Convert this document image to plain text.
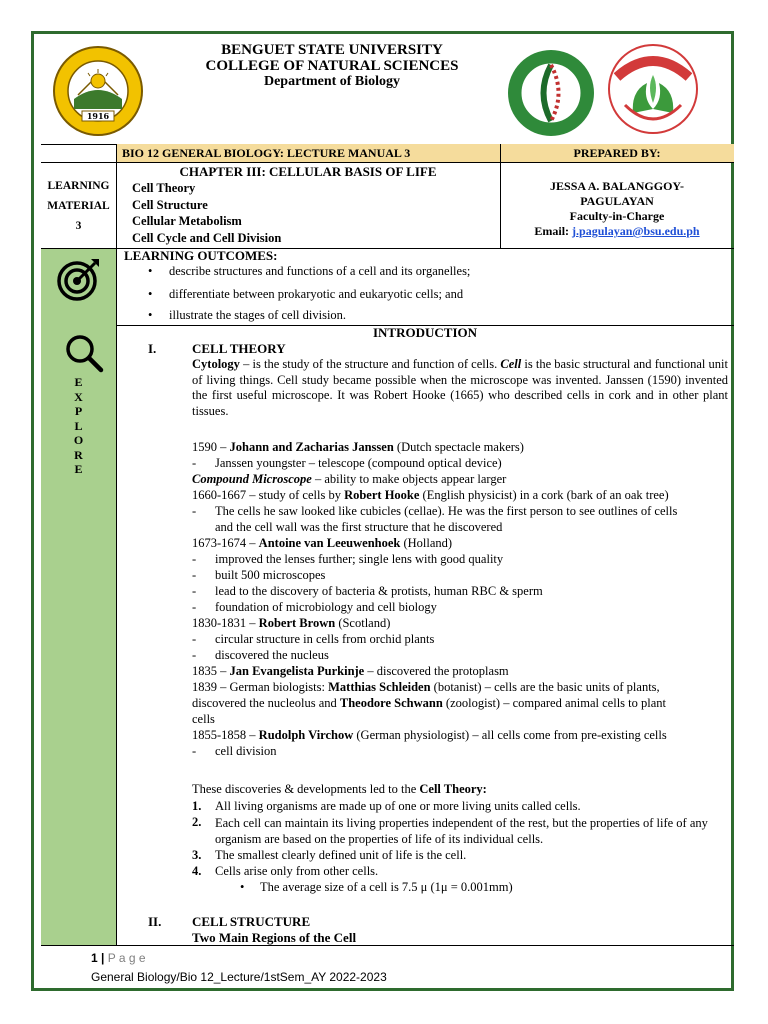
1916
BENGUET STATE UNIVERSITY
COLLEGE OF NATURAL SCIENCES
Department of Biology
BIO 12 GENERAL BIOLOGY: LECTURE MANUAL 3	PREPARED BY:
LEARNING
MATERIAL
3
CHAPTER III: CELLULAR BASIS OF LIFE
Cell Theory
Cell Structure
Cellular Metabolism
Cell Cycle and Cell Division
JESSA A. BALANGGOY-
PAGULAYAN
Faculty-in-Charge
Email: j.pagulayan@bsu.edu.ph
E
X
P
L
O
R
E
LEARNING OUTCOMES:
• describe structures and functions of a cell and its organelles;
• differentiate between prokaryotic and eukaryotic cells; and
• illustrate the stages of cell division.
INTRODUCTION
I.	CELL THEORY
Cytology – is the study of the structure and function of cells. Cell is the basic structural and functional unit of living things. Cell study became possible when the microscope was invented. Janssen (1590) invented the first useful microscope. It was Robert Hooke (1665) who described cells in cork and in other plant tissues.
1590 – Johann and Zacharias Janssen (Dutch spectacle makers)
- Janssen youngster – telescope (compound optical device)
Compound Microscope – ability to make objects appear larger
1660-1667 – study of cells by Robert Hooke (English physicist) in a cork (bark of an oak tree)
- The cells he saw looked like cubicles (cellae). He was the first person to see outlines of cells
and the cell wall was the first structure that he discovered
1673-1674 – Antoine van Leeuwenhoek (Holland)
- improved the lenses further; single lens with good quality
- built 500 microscopes
- lead to the discovery of bacteria & protists, human RBC & sperm
- foundation of microbiology and cell biology
1830-1831 – Robert Brown (Scotland)
- circular structure in cells from orchid plants
- discovered the nucleus
1835 – Jan Evangelista Purkinje – discovered the protoplasm
1839 – German biologists: Matthias Schleiden (botanist) – cells are the basic units of plants,
discovered the nucleolus and Theodore Schwann (zoologist) – compared animal cells to plant
cells
1855-1858 – Rudolph Virchow (German physiologist) – all cells come from pre-existing cells
- cell division
These discoveries & developments led to the Cell Theory:
1. All living organisms are made up of one or more living units called cells.
2. Each cell can maintain its living properties independent of the rest, but the properties of life of any organism are based on the properties of life of its individual cells.
3. The smallest clearly defined unit of life is the cell.
4. Cells arise only from other cells.
• The average size of a cell is 7.5 μ (1μ = 0.001mm)
II. CELL STRUCTURE
Two Main Regions of the Cell
1 | P a g e
General Biology/Bio 12_Lecture/1stSem_AY 2022-2023
